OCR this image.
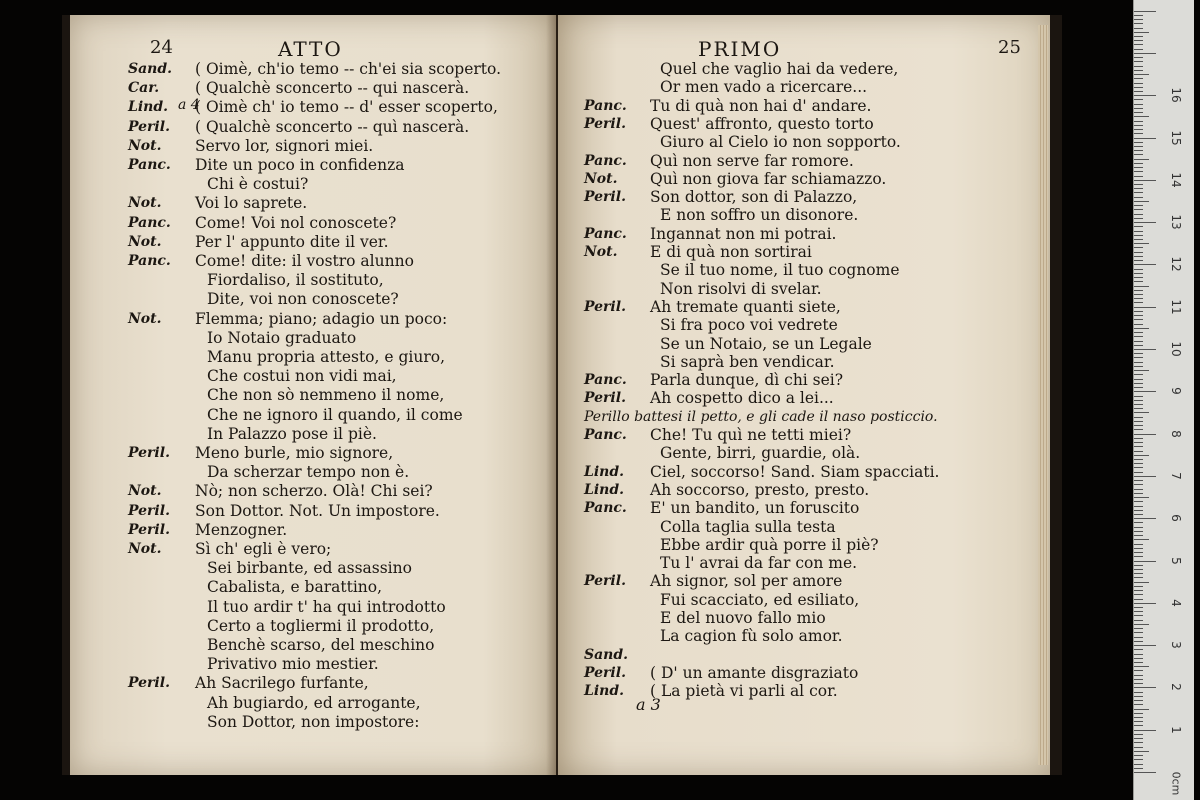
24	ATTO
Sand. ( Oimè, ch'io temo -- ch'ei sia scoperto.
Car. ( Qualchè sconcerto -- qui nascerà.
Lind. ( Oimè ch' io temo -- d' esser scoperto,
Peril. ( Qualchè sconcerto -- quì nascerà.
Not. Servo lor, signori miei.
Panc. Dite un poco in confidenza
Chi è costui?
Not. Voi lo saprete.
Panc. Come! Voi nol conoscete?
Not. Per l' appunto dite il ver.
Panc. Come! dite: il vostro alunno
Fiordaliso, il sostituto,
Dite, voi non conoscete?
Not. Flemma; piano; adagio un poco:
Io Notaio graduato
Manu propria attesto, e giuro,
Che costui non vidi mai,
Che non sò nemmeno il nome,
Che ne ignoro il quando, il come
In Palazzo pose il piè.
Peril. Meno burle, mio signore,
Da scherzar tempo non è.
Not. Nò; non scherzo. Olà! Chi sei?
Peril. Son Dottor. Not. Un impostore.
Peril. Menzogner.
Not. Sì ch' egli è vero;
Sei birbante, ed assassino
Cabalista, e barattino,
Il tuo ardir t' ha qui introdotto
Certo a togliermi il prodotto,
Benchè scarso, del meschino
Privativo mio mestier.
Peril. Ah Sacrilego furfante,
Ah bugiardo, ed arrogante,
Son Dottor, non impostore:
a 4
PRIMO	25
Quel che vaglio hai da vedere,
Or men vado a ricercare...
Panc. Tu di quà non hai d' andare.
Peril. Quest' affronto, questo torto
Giuro al Cielo io non sopporto.
Panc. Quì non serve far romore.
Not. Quì non giova far schiamazzo.
Peril. Son dottor, son di Palazzo,
E non soffro un disonore.
Panc. Ingannat non mi potrai.
Not. E di quà non sortirai
Se il tuo nome, il tuo cognome
Non risolvi di svelar.
Peril. Ah tremate quanti siete,
Si fra poco voi vedrete
Se un Notaio, se un Legale
Si saprà ben vendicar.
Panc. Parla dunque, dì chi sei?
Peril. Ah cospetto dico a lei...
Perillo battesi il petto, e gli cade il naso posticcio.
Panc. Che! Tu quì ne tetti miei?
Gente, birri, guardie, olà.
Lind. Ciel, soccorso! Sand. Siam spacciati.
Lind. Ah soccorso, presto, presto.
Panc. E' un bandito, un foruscito
Colla taglia sulla testa
Ebbe ardir quà porre il piè?
Tu l' avrai da far con me.
Peril. Ah signor, sol per amore
Fui scacciato, ed esiliato,
E del nuovo fallo mio
La cagion fù solo amor.
Sand.
Peril. ( D' un amante disgraziato
Lind. ( La pietà vi parli al cor.
a 3
0cm
1
2
3
4
5
6
7
8
9
10
11
12
13
14
15
16
